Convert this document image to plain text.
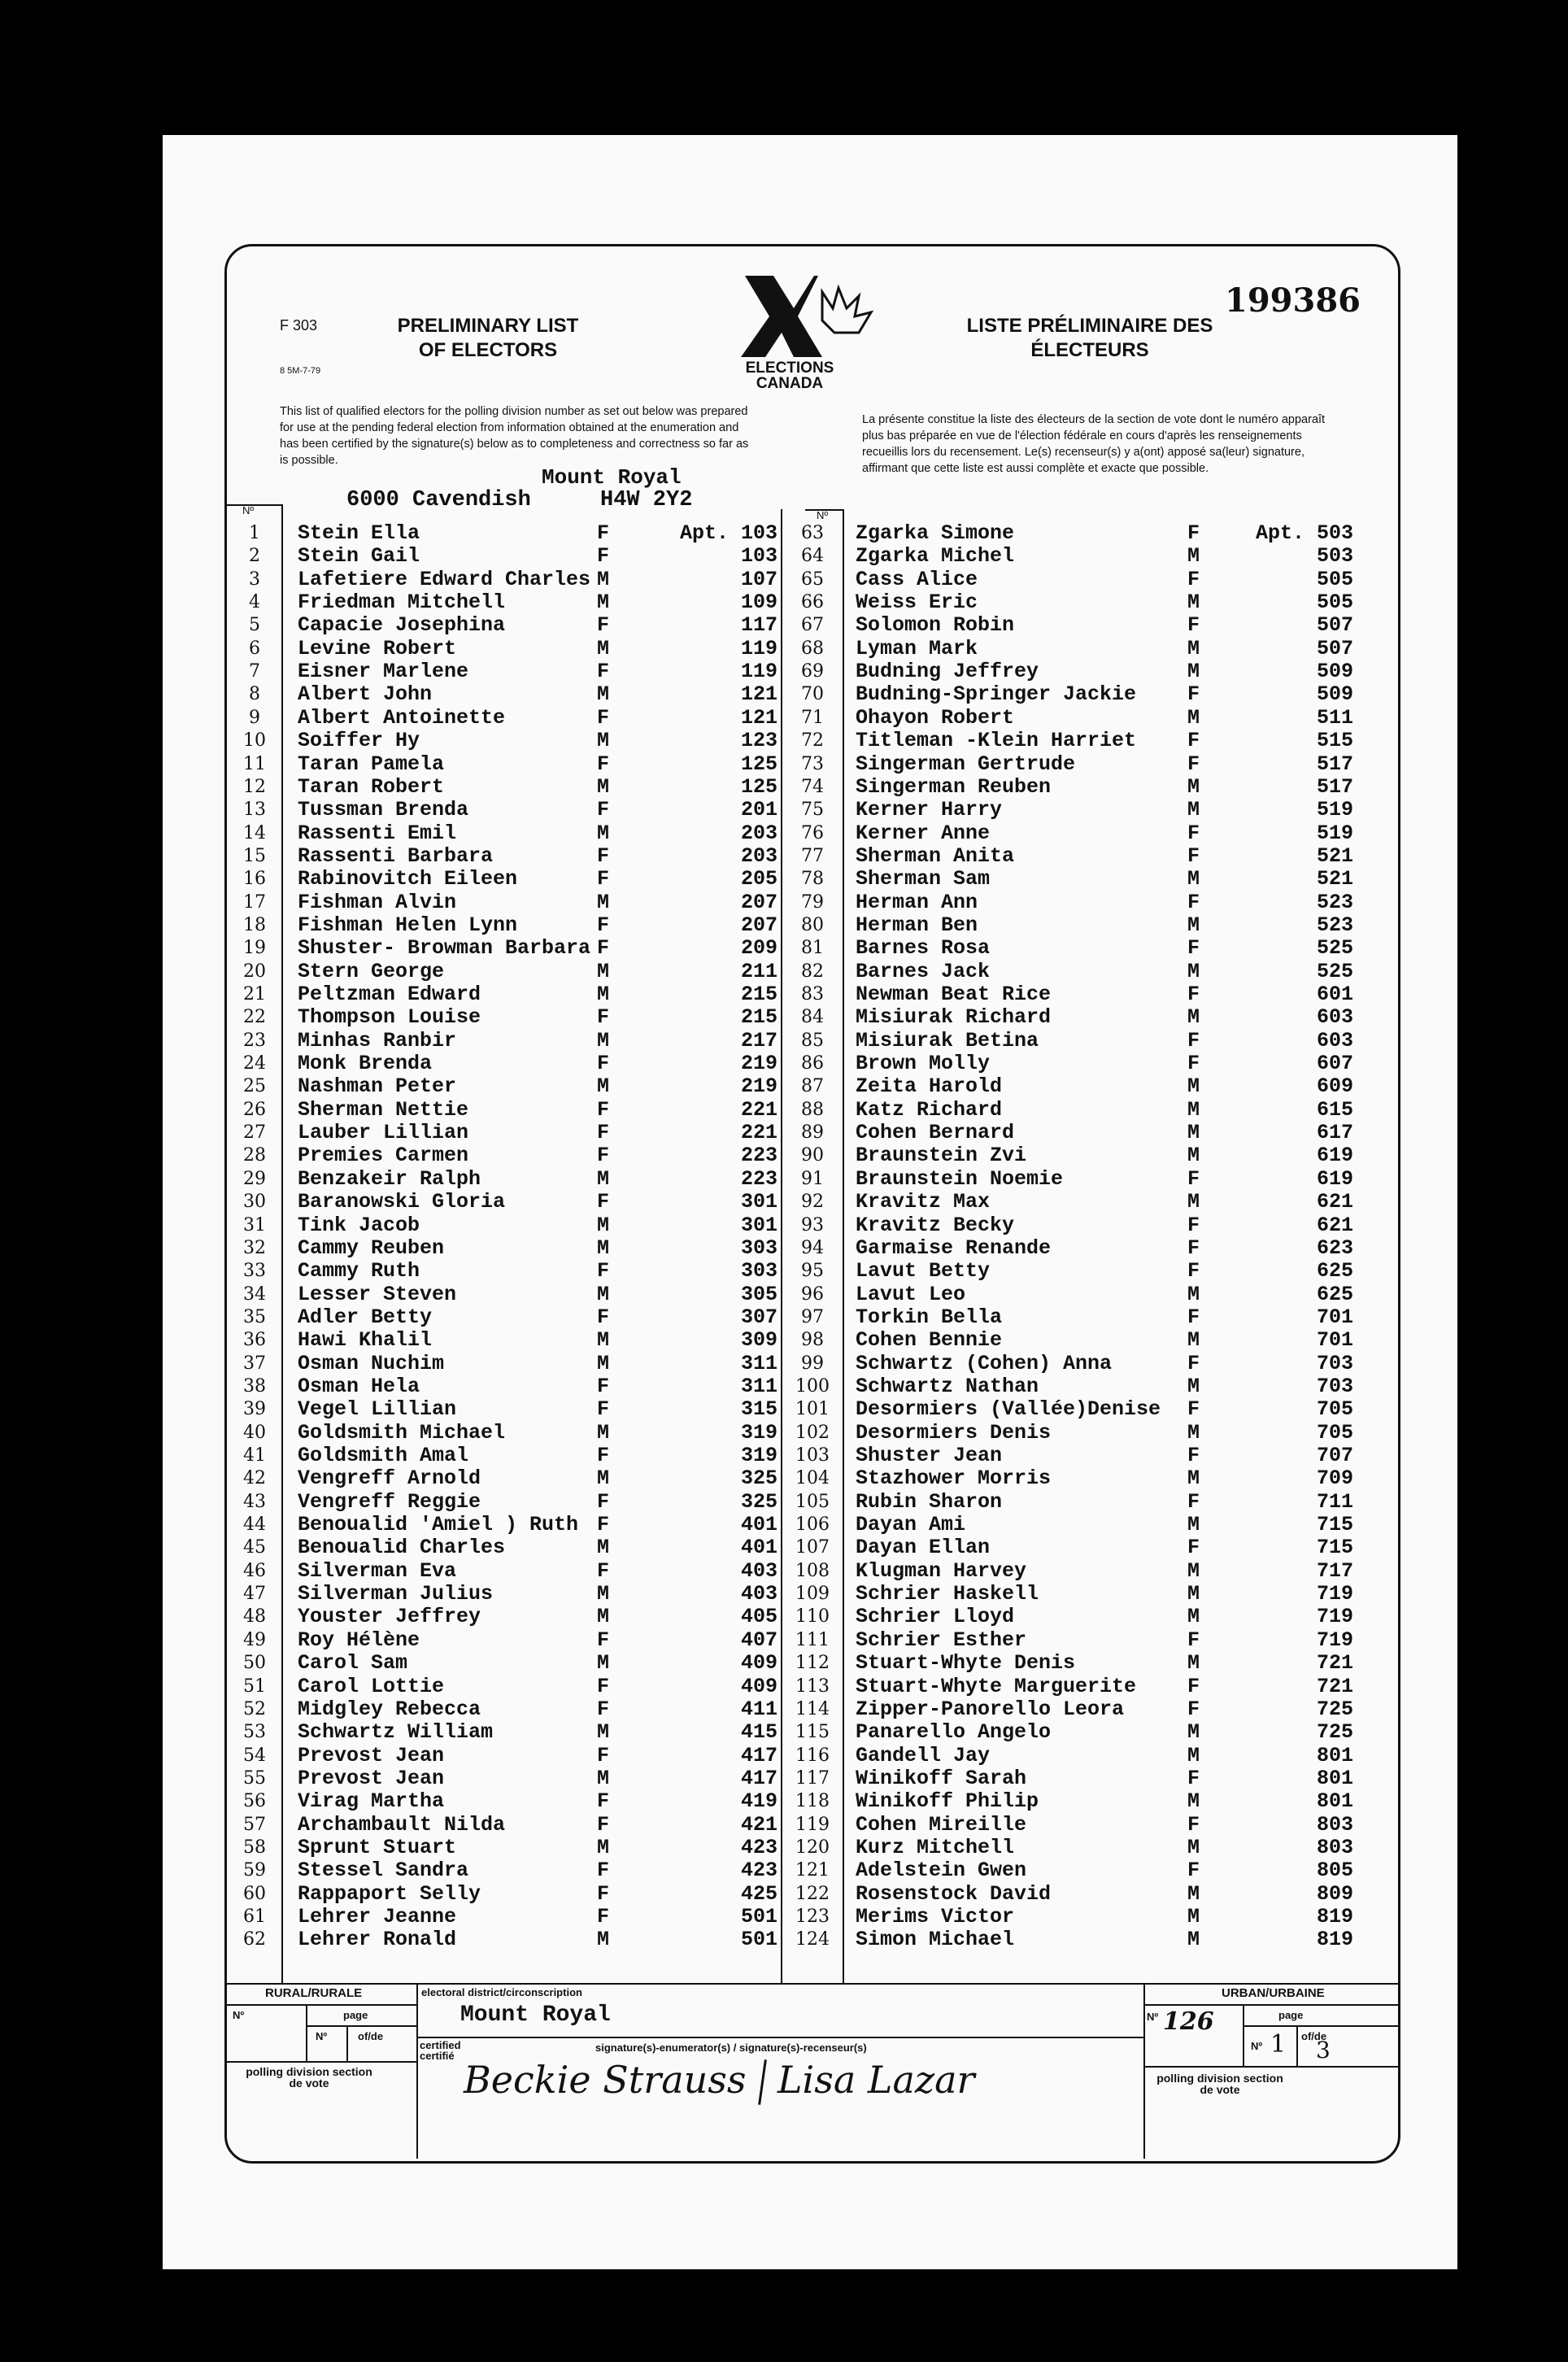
F 303
8 5M-7-79
PRELIMINARY LIST OF ELECTORS
ELECTIONS CANADA
LISTE PRÉLIMINAIRE DES ÉLECTEURS
199386
This list of qualified electors for the polling division number as set out below was prepared for use at the pending federal election from information obtained at the enumeration and has been certified by the signature(s) below as to completeness and correctness so far as is possible.
La présente constitue la liste des électeurs de la section de vote dont le numéro apparaît plus bas préparée en vue de l'élection fédérale en cours d'après les renseignements recueillis lors du recensement. Le(s) recenseur(s) y a(ont) apposé sa(leur) signature, affirmant que cette liste est aussi complète et exacte que possible.
Mount Royal
6000 Cavendish	H4W 2Y2
Nº	Nº
1	Stein Ella	F	Apt. 103
2	Stein Gail	F	103
3	Lafetiere Edward Charles M	107
4	Friedman Mitchell	M	109
5	Capacie Josephina	F	117
6	Levine Robert	M	119
7	Eisner Marlene	F	119
8	Albert John	M	121
9	Albert Antoinette	F	121
10	Soiffer Hy	M	123
11	Taran Pamela	F	125
12	Taran Robert	M	125
13	Tussman Brenda	F	201
14	Rassenti Emil	M	203
15	Rassenti Barbara	F	203
16	Rabinovitch Eileen	F	205
17	Fishman Alvin	M	207
18	Fishman Helen Lynn	F	207
19	Shuster- Browman Barbara F	209
20	Stern George	M	211
21	Peltzman Edward	M	215
22	Thompson Louise	F	215
23	Minhas Ranbir	M	217
24	Monk Brenda	F	219
25	Nashman Peter	M	219
26	Sherman Nettie	F	221
27	Lauber Lillian	F	221
28	Premies Carmen	F	223
29	Benzakeir Ralph	M	223
30	Baranowski Gloria	F	301
31	Tink Jacob	M	301
32	Cammy Reuben	M	303
33	Cammy Ruth	F	303
34	Lesser Steven	M	305
35	Adler Betty	F	307
36	Hawi Khalil	M	309
37	Osman Nuchim	M	311
38	Osman Hela	F	311
39	Vegel Lillian	F	315
40	Goldsmith Michael	M	319
41	Goldsmith Amal	F	319
42	Vengreff Arnold	M	325
43	Vengreff Reggie	F	325
44	Benoualid 'Amiel ) Ruth F	401
45	Benoualid Charles	M	401
46	Silverman Eva	F	403
47	Silverman Julius	M	403
48	Youster Jeffrey	M	405
49	Roy Hélène	F	407
50	Carol Sam	M	409
51	Carol Lottie	F	409
52	Midgley Rebecca	F	411
53	Schwartz William	M	415
54	Prevost Jean	F	417
55	Prevost Jean	M	417
56	Virag Martha	F	419
57	Archambault Nilda	F	421
58	Sprunt Stuart	M	423
59	Stessel Sandra	F	423
60	Rappaport Selly	F	425
61	Lehrer Jeanne	F	501
62	Lehrer Ronald	M	501
63	Zgarka Simone	F	Apt. 503
64	Zgarka Michel	M	503
65	Cass Alice	F	505
66	Weiss Eric	M	505
67	Solomon Robin	F	507
68	Lyman Mark	M	507
69	Budning Jeffrey	M	509
70	Budning-Springer Jackie	F	509
71	Ohayon Robert	M	511
72	Titleman -Klein Harriet	F	515
73	Singerman Gertrude	F	517
74	Singerman Reuben	M	517
75	Kerner Harry	M	519
76	Kerner Anne	F	519
77	Sherman Anita	F	521
78	Sherman Sam	M	521
79	Herman Ann	F	523
80	Herman Ben	M	523
81	Barnes Rosa	F	525
82	Barnes Jack	M	525
83	Newman Beat Rice	F	601
84	Misiurak Richard	M	603
85	Misiurak Betina	F	603
86	Brown Molly	F	607
87	Zeita Harold	M	609
88	Katz Richard	M	615
89	Cohen Bernard	M	617
90	Braunstein Zvi	M	619
91	Braunstein Noemie	F	619
92	Kravitz Max	M	621
93	Kravitz Becky	F	621
94	Garmaise Renande	F	623
95	Lavut Betty	F	625
96	Lavut Leo	M	625
97	Torkin Bella	F	701
98	Cohen Bennie	M	701
99	Schwartz (Cohen) Anna	F	703
100	Schwartz Nathan	M	703
101	Desormiers (Vallée)Denise F	705
102	Desormiers Denis	M	705
103	Shuster Jean	F	707
104	Stazhower Morris	M	709
105	Rubin Sharon	F	711
106	Dayan Ami	M	715
107	Dayan Ellan	F	715
108	Klugman Harvey	M	717
109	Schrier Haskell	M	719
110	Schrier Lloyd	M	719
111	Schrier Esther	F	719
112	Stuart-Whyte Denis	M	721
113	Stuart-Whyte Marguerite	F	721
114	Zipper-Panorello Leora	F	725
115	Panarello Angelo	M	725
116	Gandell Jay	M	801
117	Winikoff Sarah	F	801
118	Winikoff Philip	M	801
119	Cohen Mireille	F	803
120	Kurz Mitchell	M	803
121	Adelstein Gwen	F	805
122	Rosenstock David	M	809
123	Merims Victor	M	819
124	Simon Michael	M	819
RURAL/RURALE
Nº	page
Nº	of/de
polling division section de vote
electoral district/circonscription
Mount Royal
certified certifié
signature(s)-enumerator(s) / signature(s)-recenseur(s)
Beckie Strauss Lisa Lazar
URBAN/URBAINE
Nº 126	page
Nº 1 of/de
3
polling division section de vote
